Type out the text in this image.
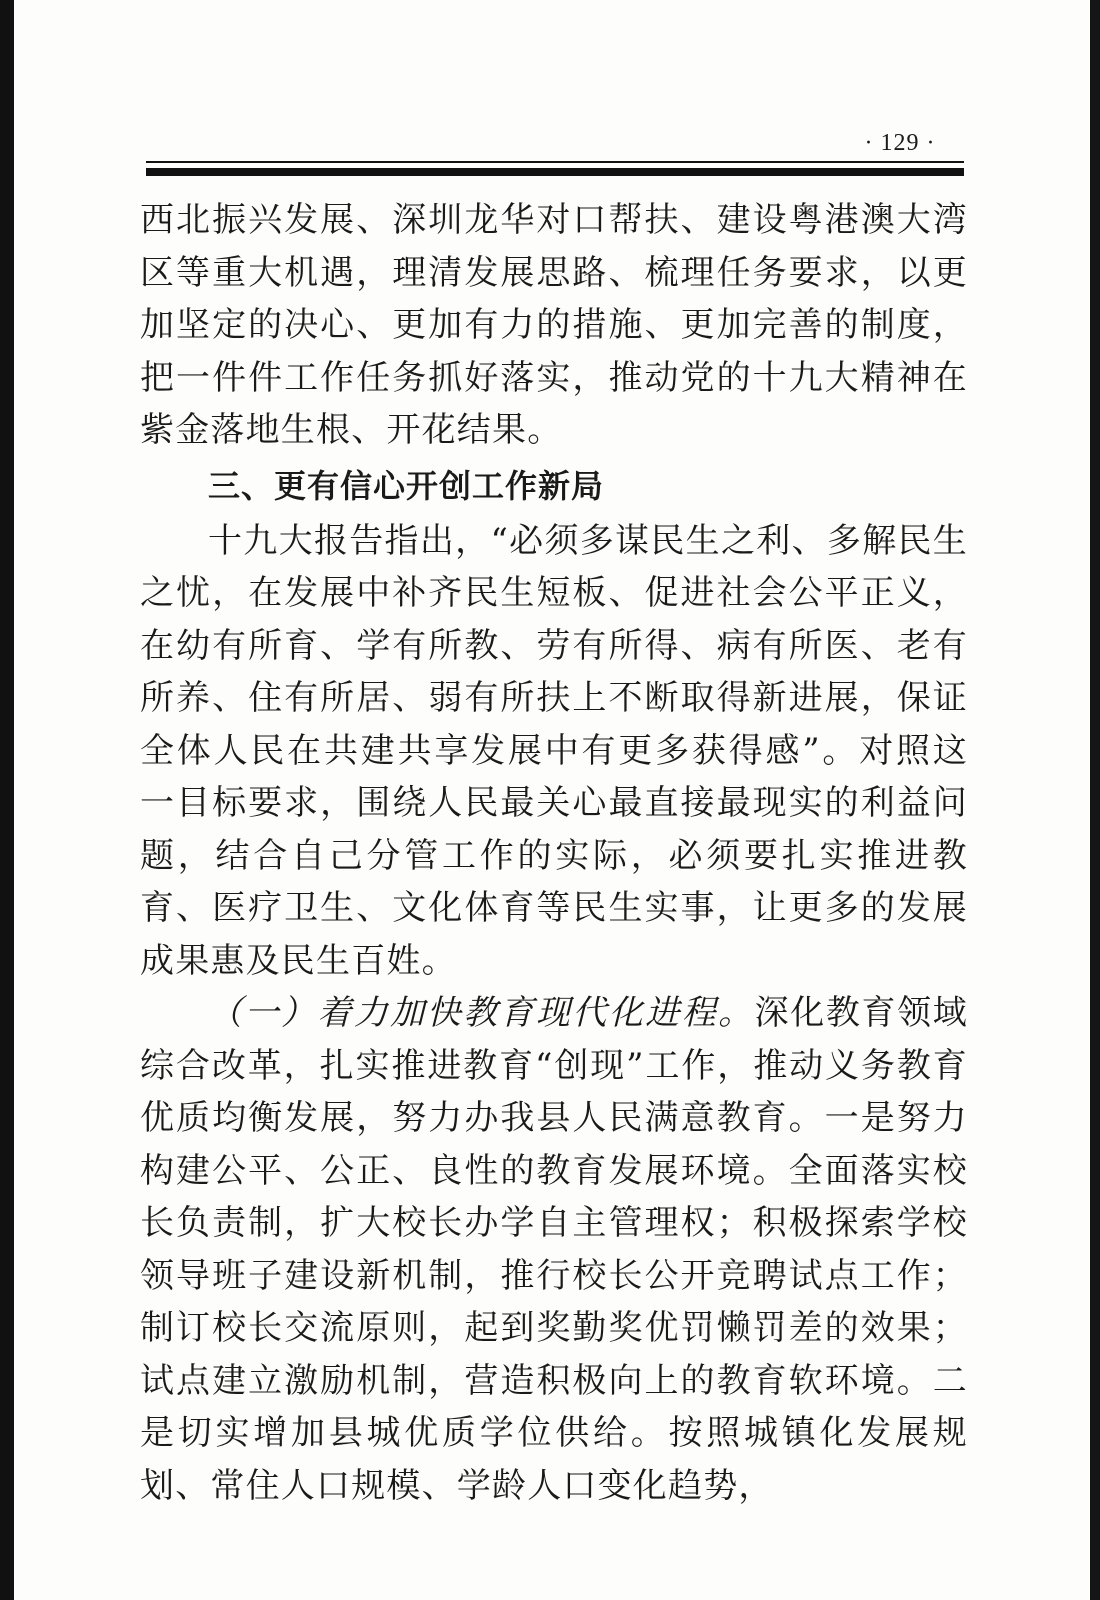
· 129 ·

西北振兴发展、深圳龙华对口帮扶、建设粤港澳大湾区等重大机遇，理清发展思路、梳理任务要求，以更加坚定的决心、更加有力的措施、更加完善的制度，把一件件工作任务抓好落实，推动党的十九大精神在紫金落地生根、开花结果。

三、更有信心开创工作新局

十九大报告指出，“必须多谋民生之利、多解民生之忧，在发展中补齐民生短板、促进社会公平正义，在幼有所育、学有所教、劳有所得、病有所医、老有所养、住有所居、弱有所扶上不断取得新进展，保证全体人民在共建共享发展中有更多获得感”。对照这一目标要求，围绕人民最关心最直接最现实的利益问题，结合自己分管工作的实际，必须要扎实推进教育、医疗卫生、文化体育等民生实事，让更多的发展成果惠及民生百姓。

（一）着力加快教育现代化进程。深化教育领域综合改革，扎实推进教育“创现”工作，推动义务教育优质均衡发展，努力办我县人民满意教育。一是努力构建公平、公正、良性的教育发展环境。全面落实校长负责制，扩大校长办学自主管理权；积极探索学校领导班子建设新机制，推行校长公开竞聘试点工作；制订校长交流原则，起到奖勤奖优罚懒罚差的效果；试点建立激励机制，营造积极向上的教育软环境。二是切实增加县城优质学位供给。按照城镇化发展规划、常住人口规模、学龄人口变化趋势，
